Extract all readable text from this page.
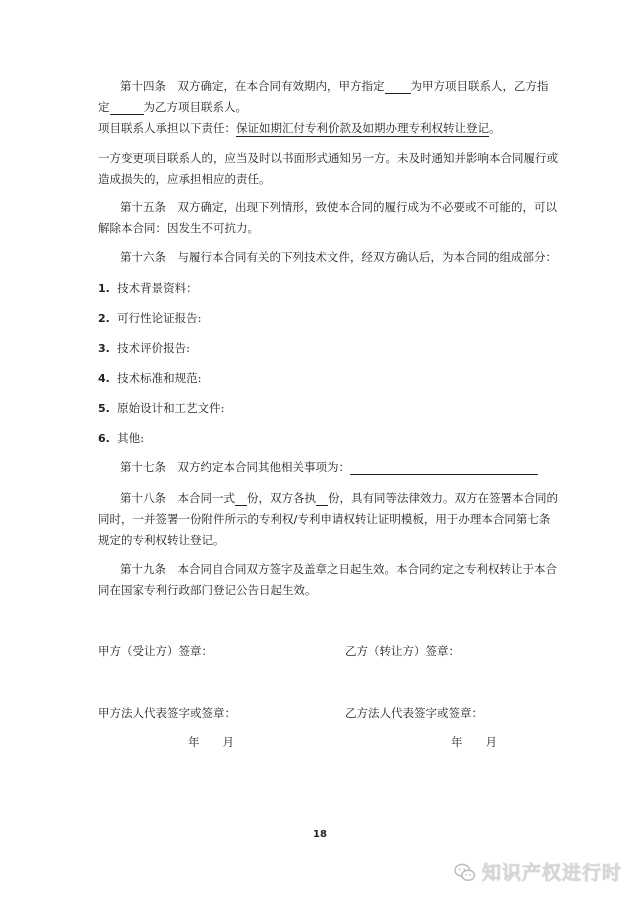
第十四条　双方确定，在本合同有效期内，甲方指定 为甲方项目联系人，乙方指
定	为乙方项目联系人。
项目联系人承担以下责任：保证如期汇付专利价款及如期办理专利权转让登记。
一方变更项目联系人的，应当及时以书面形式通知另一方。未及时通知并影响本合同履行或
造成损失的，应承担相应的责任。
第十五条　双方确定，出现下列情形，致使本合同的履行成为不必要或不可能的，可以
解除本合同：因发生不可抗力。
第十六条　与履行本合同有关的下列技术文件，经双方确认后，为本合同的组成部分：
1. 技术背景资料：
2. 可行性论证报告:
3. 技术评价报告:
4. 技术标准和规范:
5. 原始设计和工艺文件:
6. 其他:
第十七条　双方约定本合同其他相关事项为：
第十八条　本合同一式 份，双方各执 份，具有同等法律效力。双方在签署本合同的
同时，一并签署一份附件所示的专利权/专利申请权转让证明模板，用于办理本合同第七条
规定的专利权转让登记。
第十九条　本合同自合同双方签字及盖章之日起生效。本合同约定之专利权转让于本合
同在国家专利行政部门登记公告日起生效。
甲方（受让方）签章：	乙方（转让方）签章：
甲方法人代表签字或签章：	乙方法人代表签字或签章：
年　　月	年　　月
18
知识产权进行时
